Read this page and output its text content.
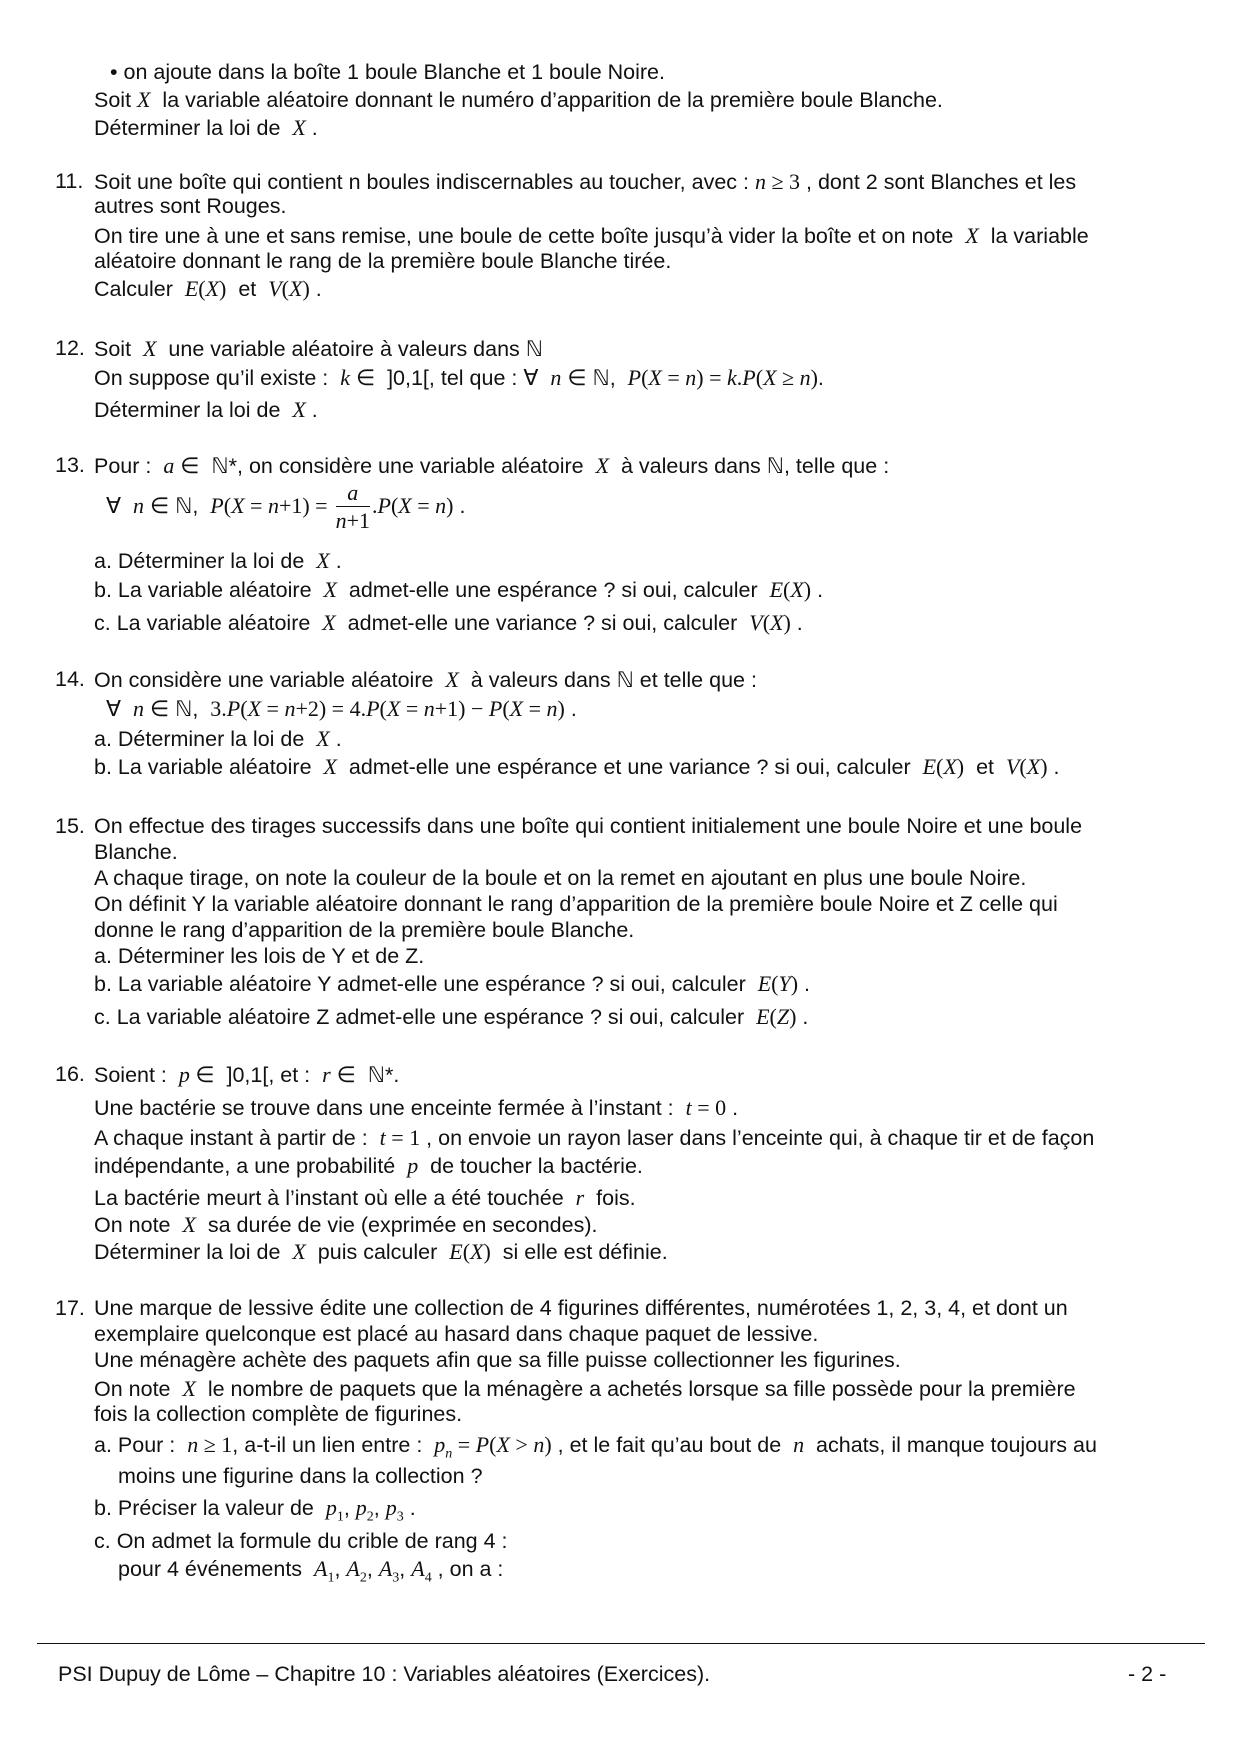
• on ajoute dans la boîte 1 boule Blanche et 1 boule Noire.
Soit X  la variable aléatoire donnant le numéro d’apparition de la première boule Blanche.
Déterminer la loi de  X .
11. Soit une boîte qui contient n boules indiscernables au toucher, avec : n ≥ 3 , dont 2 sont Blanches et les
autres sont Rouges.
On tire une à une et sans remise, une boule de cette boîte jusqu’à vider la boîte et on note  X  la variable
aléatoire donnant le rang de la première boule Blanche tirée.
Calculer  E(X)  et  V(X) .
12. Soit  X  une variable aléatoire à valeurs dans ℕ
On suppose qu’il existe :  k ∈  ]0,1[, tel que : ∀ n ∈ ℕ,  P(X = n) = k.P(X ≥ n).
Déterminer la loi de  X .
13. Pour :  a ∈  ℕ*, on considère une variable aléatoire  X  à valeurs dans ℕ, telle que :
∀ n ∈ ℕ,  $P(X = n+1) = \frac{a}{n+1} .P(X = n)$ .
a. Déterminer la loi de  X .
b. La variable aléatoire  X  admet-elle une espérance ? si oui, calculer  E(X) .
c. La variable aléatoire  X  admet-elle une variance ? si oui, calculer  V(X) .
14. On considère une variable aléatoire  X  à valeurs dans ℕ et telle que :
∀ n ∈ ℕ,  3.P(X = n+2) = 4.P(X = n+1) − P(X = n) .
a. Déterminer la loi de  X .
b. La variable aléatoire  X  admet-elle une espérance et une variance ? si oui, calculer  E(X)  et  V(X) .
15. On effectue des tirages successifs dans une boîte qui contient initialement une boule Noire et une boule
Blanche.
A chaque tirage, on note la couleur de la boule et on la remet en ajoutant en plus une boule Noire.
On définit Y la variable aléatoire donnant le rang d’apparition de la première boule Noire et Z celle qui
donne le rang d’apparition de la première boule Blanche.
a. Déterminer les lois de Y et de Z.
b. La variable aléatoire Y admet-elle une espérance ? si oui, calculer  E(Y) .
c. La variable aléatoire Z admet-elle une espérance ? si oui, calculer  E(Z) .
16. Soient :  p ∈  ]0,1[, et :  r ∈  ℕ*.
Une bactérie se trouve dans une enceinte fermée à l’instant :  t = 0 .
A chaque instant à partir de :  t = 1 , on envoie un rayon laser dans l’enceinte qui, à chaque tir et de façon
indépendante, a une probabilité  p  de toucher la bactérie.
La bactérie meurt à l’instant où elle a été touchée  r  fois.
On note  X  sa durée de vie (exprimée en secondes).
Déterminer la loi de  X  puis calculer  E(X)  si elle est définie.
17. Une marque de lessive édite une collection de 4 figurines différentes, numérotées 1, 2, 3, 4, et dont un
exemplaire quelconque est placé au hasard dans chaque paquet de lessive.
Une ménagère achète des paquets afin que sa fille puisse collectionner les figurines.
On note  X  le nombre de paquets que la ménagère a achetés lorsque sa fille possède pour la première
fois la collection complète de figurines.
a. Pour :  n ≥ 1, a-t-il un lien entre :  $p_n = P(X > n)$ , et le fait qu’au bout de  n  achats, il manque toujours au
moins une figurine dans la collection ?
b. Préciser la valeur de  $p_1$, $p_2$, $p_3$ .
c. On admet la formule du crible de rang 4 :
pour 4 événements  $A_1$, $A_2$, $A_3$, $A_4$ , on a :
PSI Dupuy de Lôme – Chapitre 10 : Variables aléatoires (Exercices).	- 2 -
